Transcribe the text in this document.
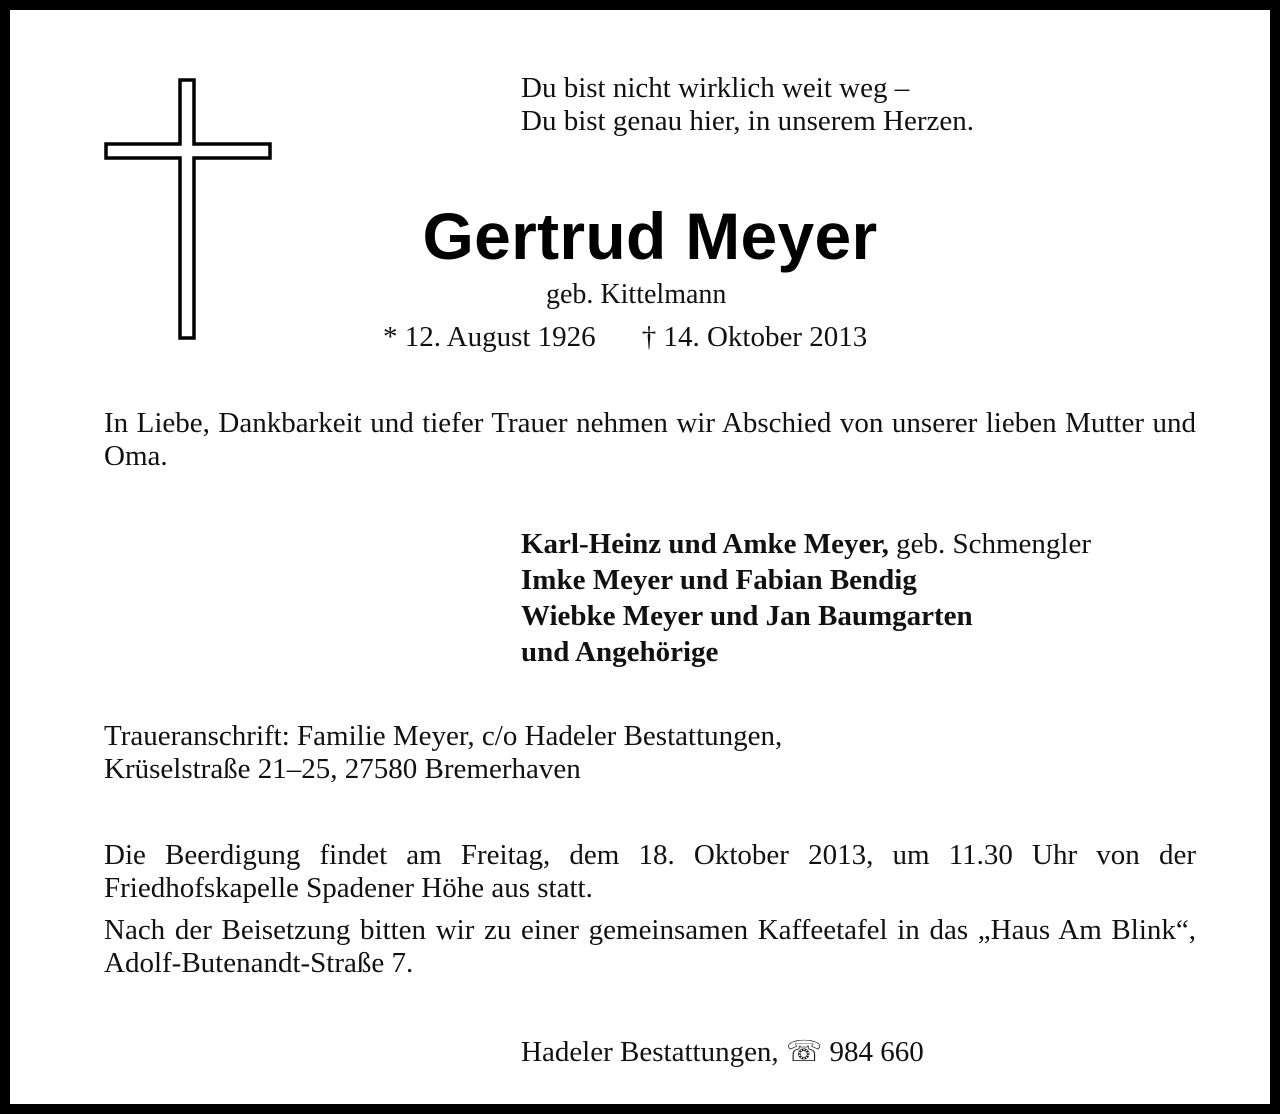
Du bist nicht wirklich weit weg –
Du bist genau hier, in unserem Herzen.
Gertrud Meyer
geb. Kittelmann
* 12. August 1926 † 14. Oktober 2013
In Liebe, Dankbarkeit und tiefer Trauer nehmen wir Abschied von unserer lieben Mutter und Oma.
Karl-Heinz und Amke Meyer, geb. Schmengler
Imke Meyer und Fabian Bendig
Wiebke Meyer und Jan Baumgarten
und Angehörige
Traueranschrift: Familie Meyer, c/o Hadeler Bestattungen,
Krüselstraße 21–25, 27580 Bremerhaven
Die Beerdigung findet am Freitag, dem 18. Oktober 2013, um 11.30 Uhr von der Friedhofskapelle Spadener Höhe aus statt.
Nach der Beisetzung bitten wir zu einer gemeinsamen Kaffeetafel in das „Haus Am Blink“, Adolf-Butenandt-Straße 7.
Hadeler Bestattungen, ☏ 984 660
